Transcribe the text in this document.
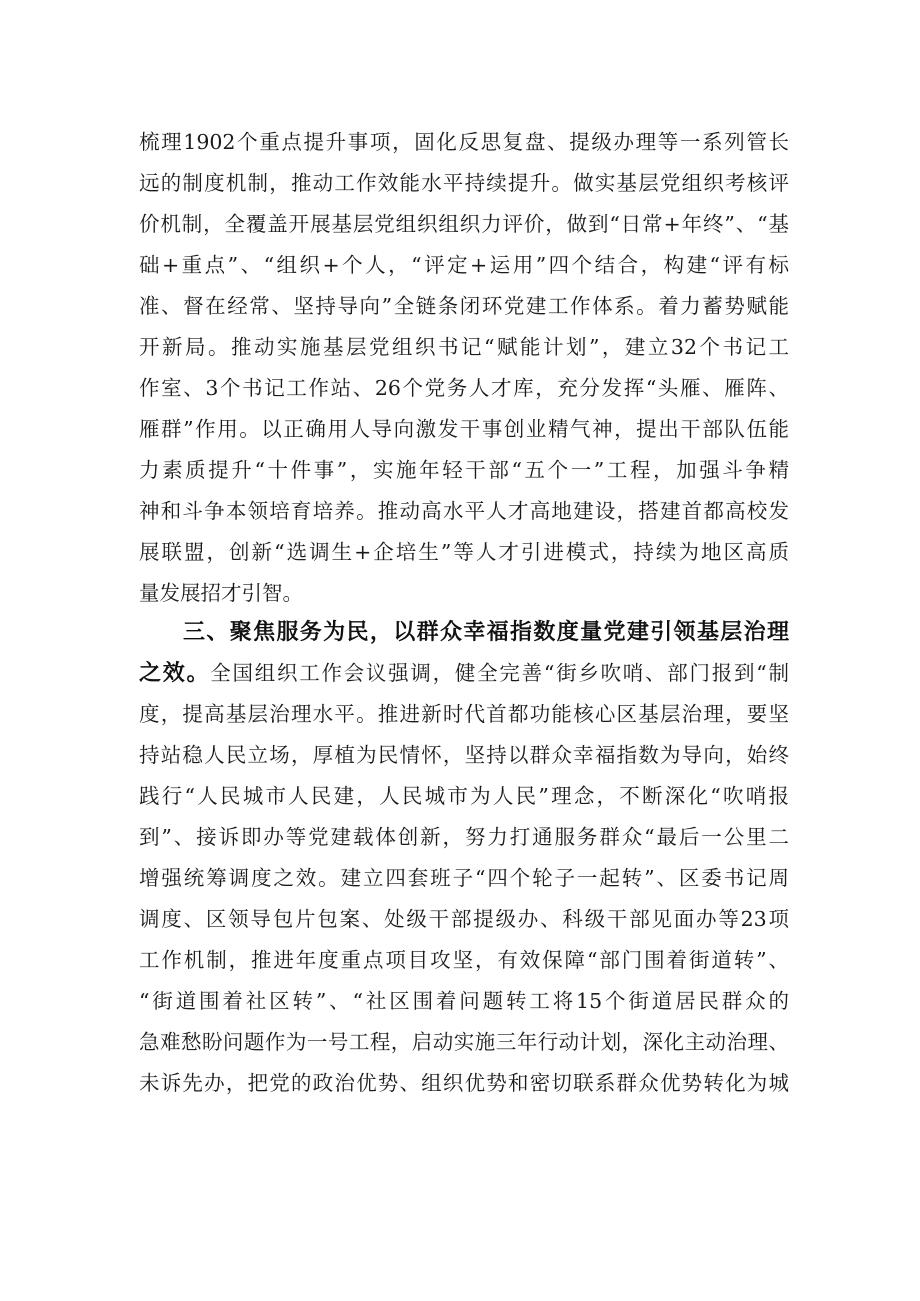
梳理1902个重点提升事项，固化反思复盘、提级办理等一系列管长
远的制度机制，推动工作效能水平持续提升。做实基层党组织考核评
价机制，全覆盖开展基层党组织组织力评价，做到“日常+年终”、“基
础+重点”、“组织+个人，“评定+运用”四个结合，构建“评有标
准、督在经常、坚持导向”全链条闭环党建工作体系。着力蓄势赋能
开新局。推动实施基层党组织书记“赋能计划”，建立32个书记工
作室、3个书记工作站、26个党务人才库，充分发挥“头雁、雁阵、
雁群”作用。以正确用人导向激发干事创业精气神，提出干部队伍能
力素质提升“十件事”，实施年轻干部“五个一”工程，加强斗争精
神和斗争本领培育培养。推动高水平人才高地建设，搭建首都高校发
展联盟，创新“选调生+企培生”等人才引进模式，持续为地区高质
量发展招才引智。
三、聚焦服务为民，以群众幸福指数度量党建引领基层治理
之效。全国组织工作会议强调，健全完善“街乡吹哨、部门报到“制
度，提高基层治理水平。推进新时代首都功能核心区基层治理，要坚
持站稳人民立场，厚植为民情怀，坚持以群众幸福指数为导向，始终
践行“人民城市人民建，人民城市为人民”理念，不断深化“吹哨报
到”、接诉即办等党建载体创新，努力打通服务群众“最后一公里二
增强统筹调度之效。建立四套班子“四个轮子一起转”、区委书记周
调度、区领导包片包案、处级干部提级办、科级干部见面办等23项
工作机制，推进年度重点项目攻坚，有效保障“部门围着街道转”、
“街道围着社区转”、“社区围着问题转工将15个街道居民群众的
急难愁盼问题作为一号工程，启动实施三年行动计划，深化主动治理、
未诉先办，把党的政治优势、组织优势和密切联系群众优势转化为城
